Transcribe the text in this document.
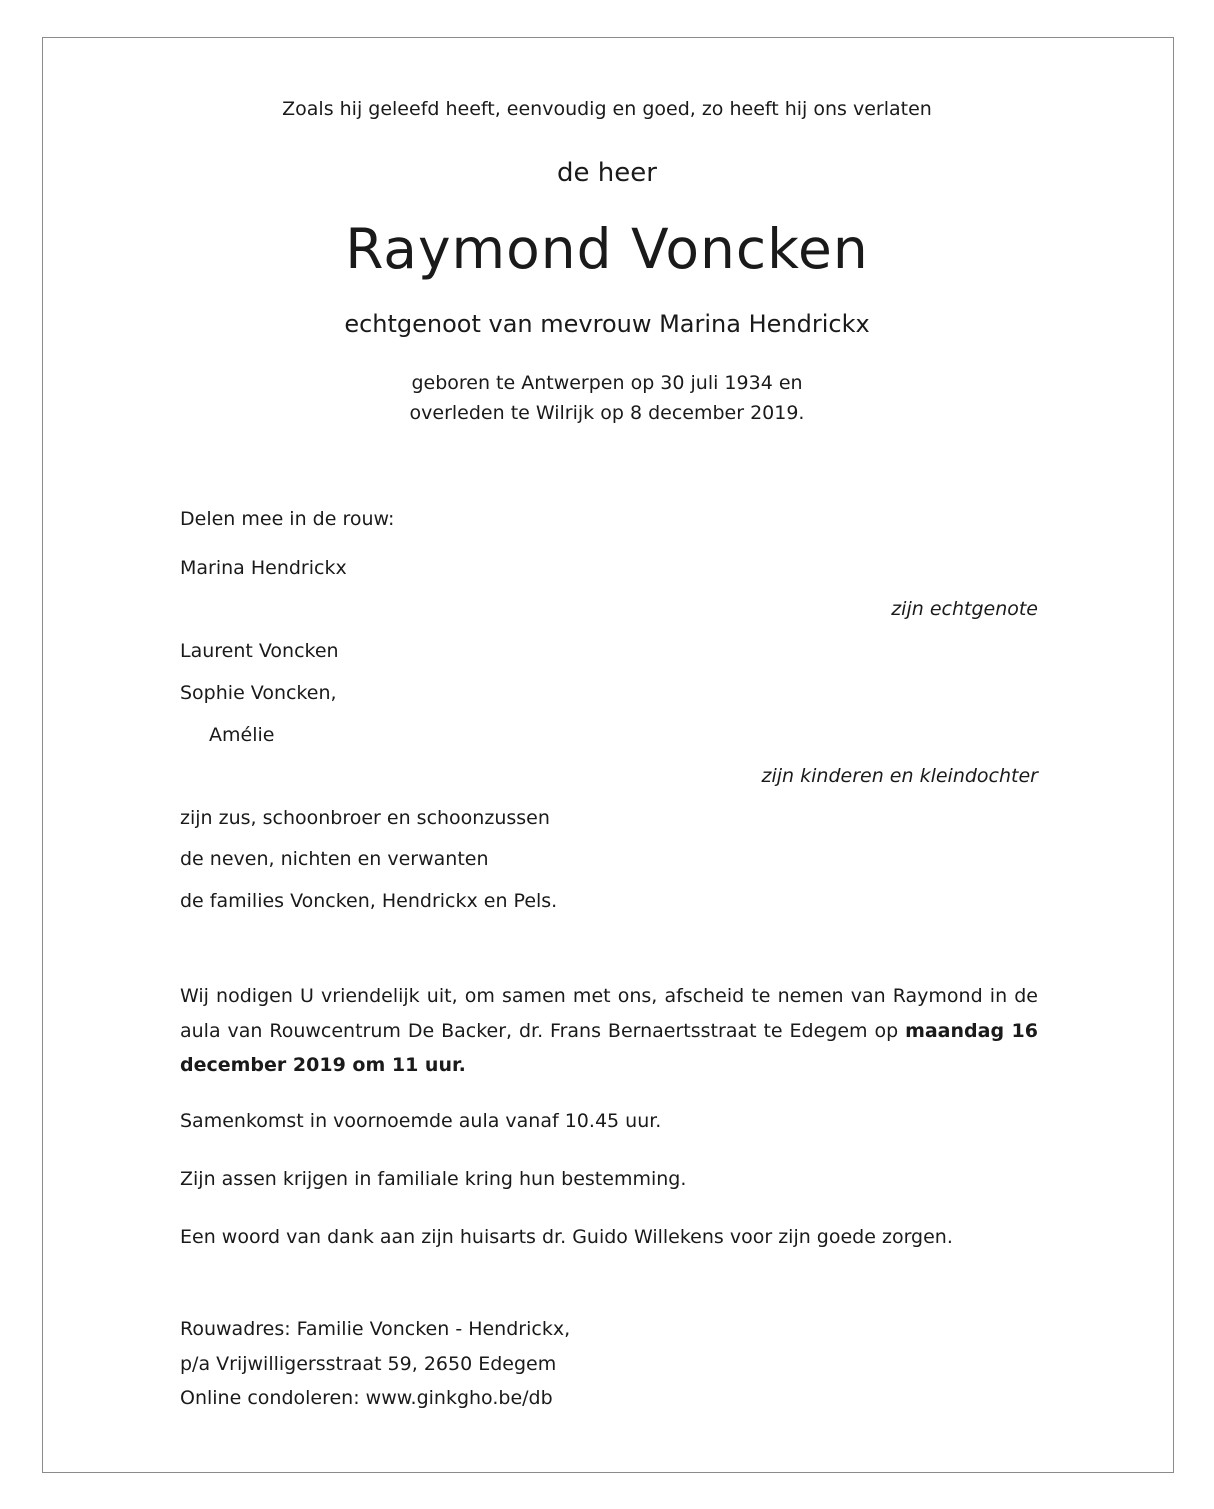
Zoals hij geleefd heeft, eenvoudig en goed, zo heeft hij ons verlaten
de heer
Raymond Voncken
echtgenoot van mevrouw Marina Hendrickx
geboren te Antwerpen op 30 juli 1934 en
overleden te Wilrijk op 8 december 2019.
Delen mee in de rouw:
Marina Hendrickx
zijn echtgenote
Laurent Voncken
Sophie Voncken,
Amélie
zijn kinderen en kleindochter
zijn zus, schoonbroer en schoonzussen
de neven, nichten en verwanten
de families Voncken, Hendrickx en Pels.
Wij nodigen U vriendelijk uit, om samen met ons, afscheid te nemen van Raymond in de aula van Rouwcentrum De Backer, dr. Frans Bernaertsstraat te Edegem op maandag 16 december 2019 om 11 uur.
Samenkomst in voornoemde aula vanaf 10.45 uur.
Zijn assen krijgen in familiale kring hun bestemming.
Een woord van dank aan zijn huisarts dr. Guido Willekens voor zijn goede zorgen.
Rouwadres: Familie Voncken - Hendrickx,
p/a Vrijwilligersstraat 59, 2650 Edegem
Online condoleren: www.ginkgho.be/db
